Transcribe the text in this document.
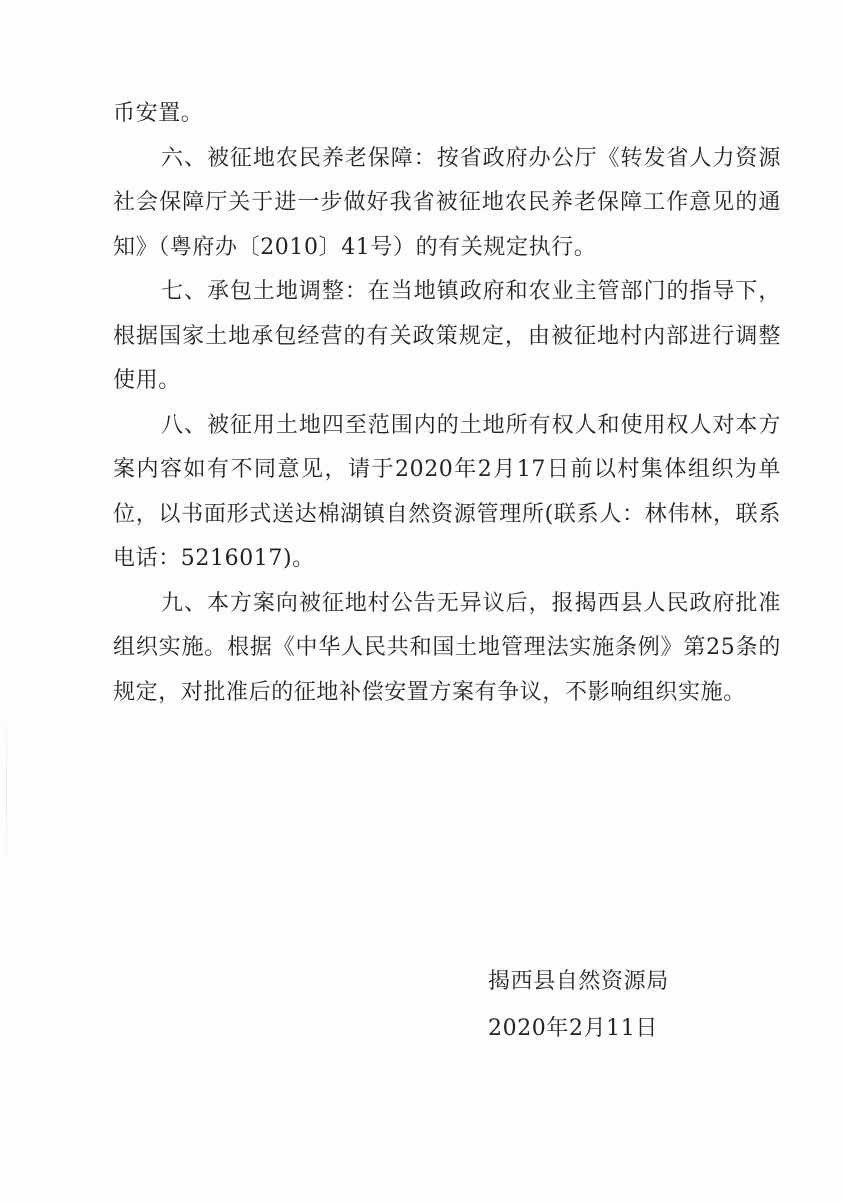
币安置。

六、被征地农民养老保障：按省政府办公厅《转发省人力资源社会保障厅关于进一步做好我省被征地农民养老保障工作意见的通知》（粤府办〔2010〕41号）的有关规定执行。

七、承包土地调整：在当地镇政府和农业主管部门的指导下，根据国家土地承包经营的有关政策规定，由被征地村内部进行调整使用。

八、被征用土地四至范围内的土地所有权人和使用权人对本方案内容如有不同意见，请于2020年2月17日前以村集体组织为单位，以书面形式送达棉湖镇自然资源管理所(联系人：林伟林，联系电话：5216017)。

九、本方案向被征地村公告无异议后，报揭西县人民政府批准组织实施。根据《中华人民共和国土地管理法实施条例》第25条的规定，对批准后的征地补偿安置方案有争议，不影响组织实施。

揭西县自然资源局
2020年2月11日
